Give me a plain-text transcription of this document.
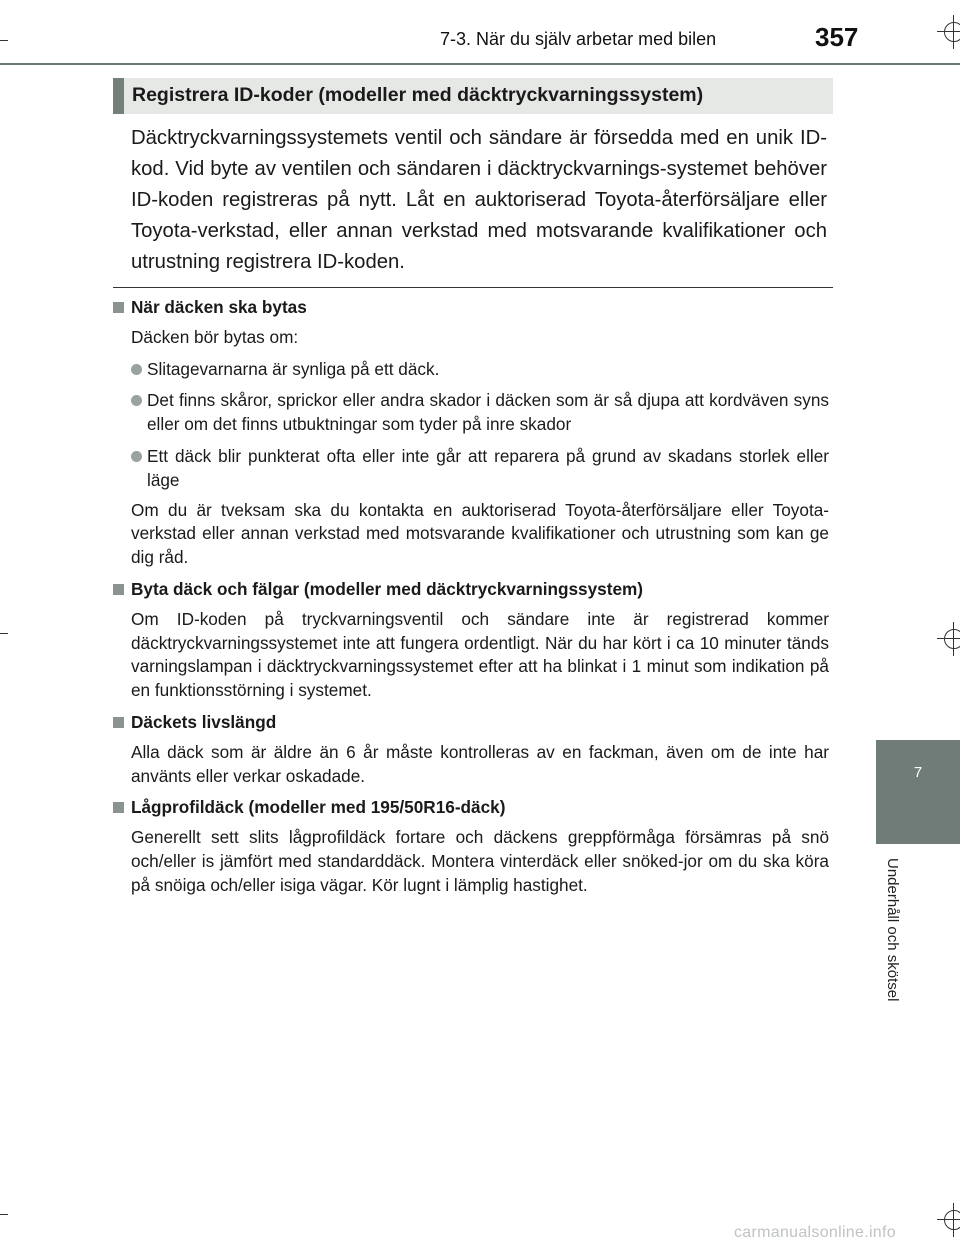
7-3. När du själv arbetar med bilen	357
7
Underhåll och skötsel
Registrera ID-koder (modeller med däcktryckvarningssystem)

Däcktryckvarningssystemets ventil och sändare är försedda med en unik ID-kod. Vid byte av ventilen och sändaren i däcktryckvarnings-systemet behöver ID-koden registreras på nytt. Låt en auktoriserad Toyota-återförsäljare eller Toyota-verkstad, eller annan verkstad med motsvarande kvalifikationer och utrustning registrera ID-koden.

När däcken ska bytas
Däcken bör bytas om:
Slitagevarnarna är synliga på ett däck.
Det finns skåror, sprickor eller andra skador i däcken som är så djupa att kordväven syns eller om det finns utbuktningar som tyder på inre skador
Ett däck blir punkterat ofta eller inte går att reparera på grund av skadans storlek eller läge
Om du är tveksam ska du kontakta en auktoriserad Toyota-återförsäljare eller Toyota-verkstad eller annan verkstad med motsvarande kvalifikationer och utrustning som kan ge dig råd.
Byta däck och fälgar (modeller med däcktryckvarningssystem)
Om ID-koden på tryckvarningsventil och sändare inte är registrerad kommer däcktryckvarningssystemet inte att fungera ordentligt. När du har kört i ca 10 minuter tänds varningslampan i däcktryckvarningssystemet efter att ha blinkat i 1 minut som indikation på en funktionsstörning i systemet.
Däckets livslängd
Alla däck som är äldre än 6 år måste kontrolleras av en fackman, även om de inte har använts eller verkar oskadade.
Lågprofildäck (modeller med 195/50R16-däck)
Generellt sett slits lågprofildäck fortare och däckens greppförmåga försämras på snö och/eller is jämfört med standarddäck. Montera vinterdäck eller snöked-jor om du ska köra på snöiga och/eller isiga vägar. Kör lugnt i lämplig hastighet.
carmanualsonline.info
